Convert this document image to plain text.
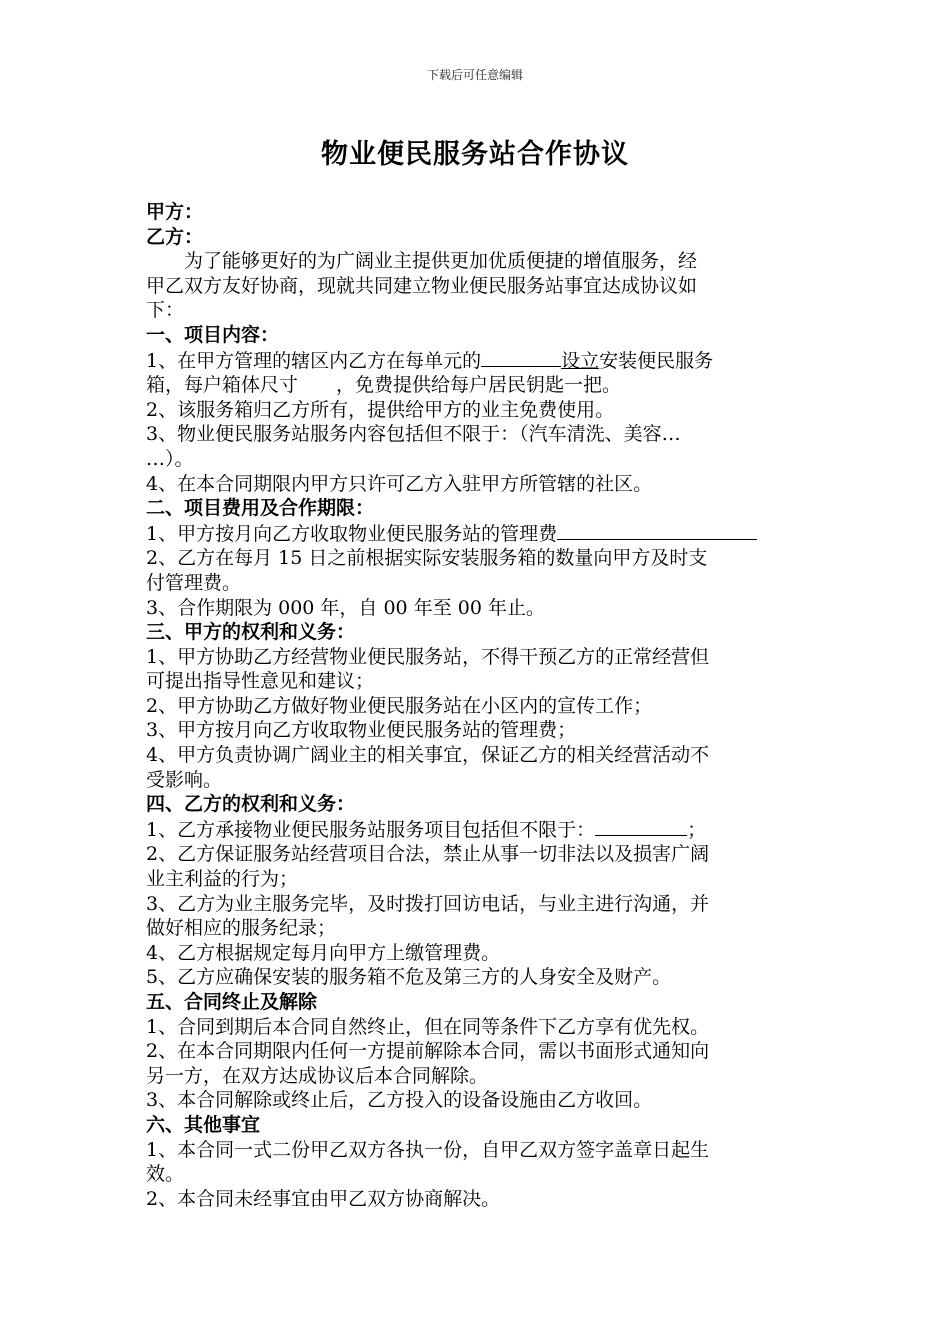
下载后可任意编辑
物业便民服务站合作协议
甲方：
乙方：
为了能够更好的为广阔业主提供更加优质便捷的增值服务，经
甲乙双方友好协商，现就共同建立物业便民服务站事宜达成协议如
下：
一、项目内容：
1、在甲方管理的辖区内乙方在每单元的	设立安装便民服务
箱，每户箱体尺寸　　，免费提供给每户居民钥匙一把。
2、该服务箱归乙方所有，提供给甲方的业主免费使用。
3、物业便民服务站服务内容包括但不限于：（汽车清洗、美容…
…）。
4、在本合同期限内甲方只许可乙方入驻甲方所管辖的社区。
二、项目费用及合作期限：
1、甲方按月向乙方收取物业便民服务站的管理费
2、乙方在每月 15 日之前根据实际安装服务箱的数量向甲方及时支
付管理费。
3、合作期限为 000 年，自 00 年至 00 年止。
三、甲方的权利和义务：
1、甲方协助乙方经营物业便民服务站，不得干预乙方的正常经营但
可提出指导性意见和建议；
2、甲方协助乙方做好物业便民服务站在小区内的宣传工作；
3、甲方按月向乙方收取物业便民服务站的管理费；
4、甲方负责协调广阔业主的相关事宜，保证乙方的相关经营活动不
受影响。
四、乙方的权利和义务：
1、乙方承接物业便民服务站服务项目包括但不限于：	；
2、乙方保证服务站经营项目合法，禁止从事一切非法以及损害广阔
业主利益的行为；
3、乙方为业主服务完毕，及时拨打回访电话，与业主进行沟通，并
做好相应的服务纪录；
4、乙方根据规定每月向甲方上缴管理费。
5、乙方应确保安装的服务箱不危及第三方的人身安全及财产。
五、合同终止及解除
1、合同到期后本合同自然终止，但在同等条件下乙方享有优先权。
2、在本合同期限内任何一方提前解除本合同，需以书面形式通知向
另一方，在双方达成协议后本合同解除。
3、本合同解除或终止后，乙方投入的设备设施由乙方收回。
六、其他事宜
1、本合同一式二份甲乙双方各执一份，自甲乙双方签字盖章日起生
效。
2、本合同未经事宜由甲乙双方协商解决。
